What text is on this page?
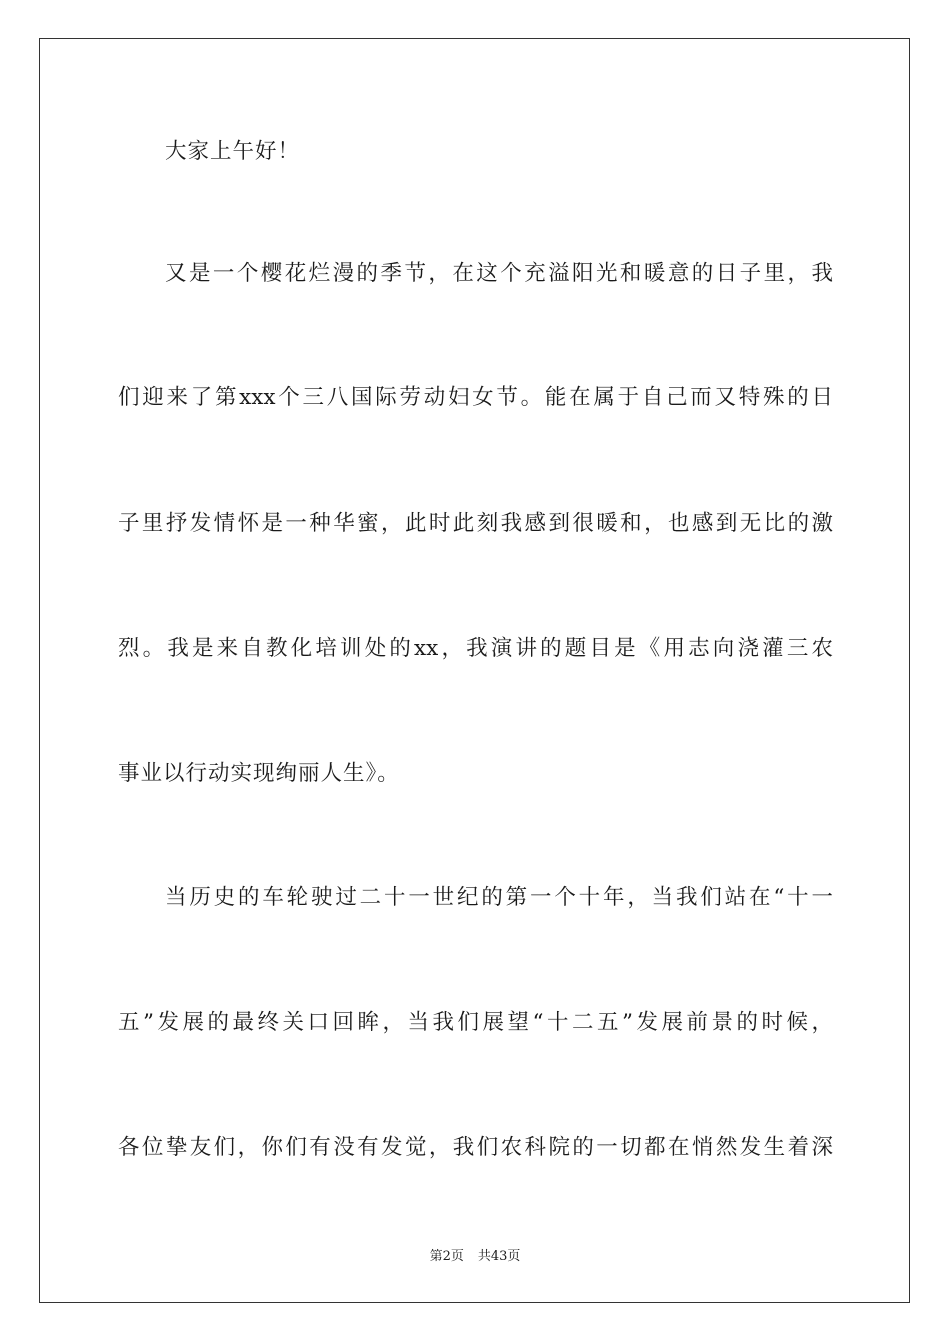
大家上午好！
又是一个樱花烂漫的季节，在这个充溢阳光和暖意的日子里，我
们迎来了第xxx个三八国际劳动妇女节。能在属于自己而又特殊的日
子里抒发情怀是一种华蜜，此时此刻我感到很暖和，也感到无比的激
烈。我是来自教化培训处的xx，我演讲的题目是《用志向浇灌三农
事业以行动实现绚丽人生》。
当历史的车轮驶过二十一世纪的第一个十年，当我们站在“十一
五”发展的最终关口回眸，当我们展望“十二五”发展前景的时候，
各位挚友们，你们有没有发觉，我们农科院的一切都在悄然发生着深
第2页 共43页
